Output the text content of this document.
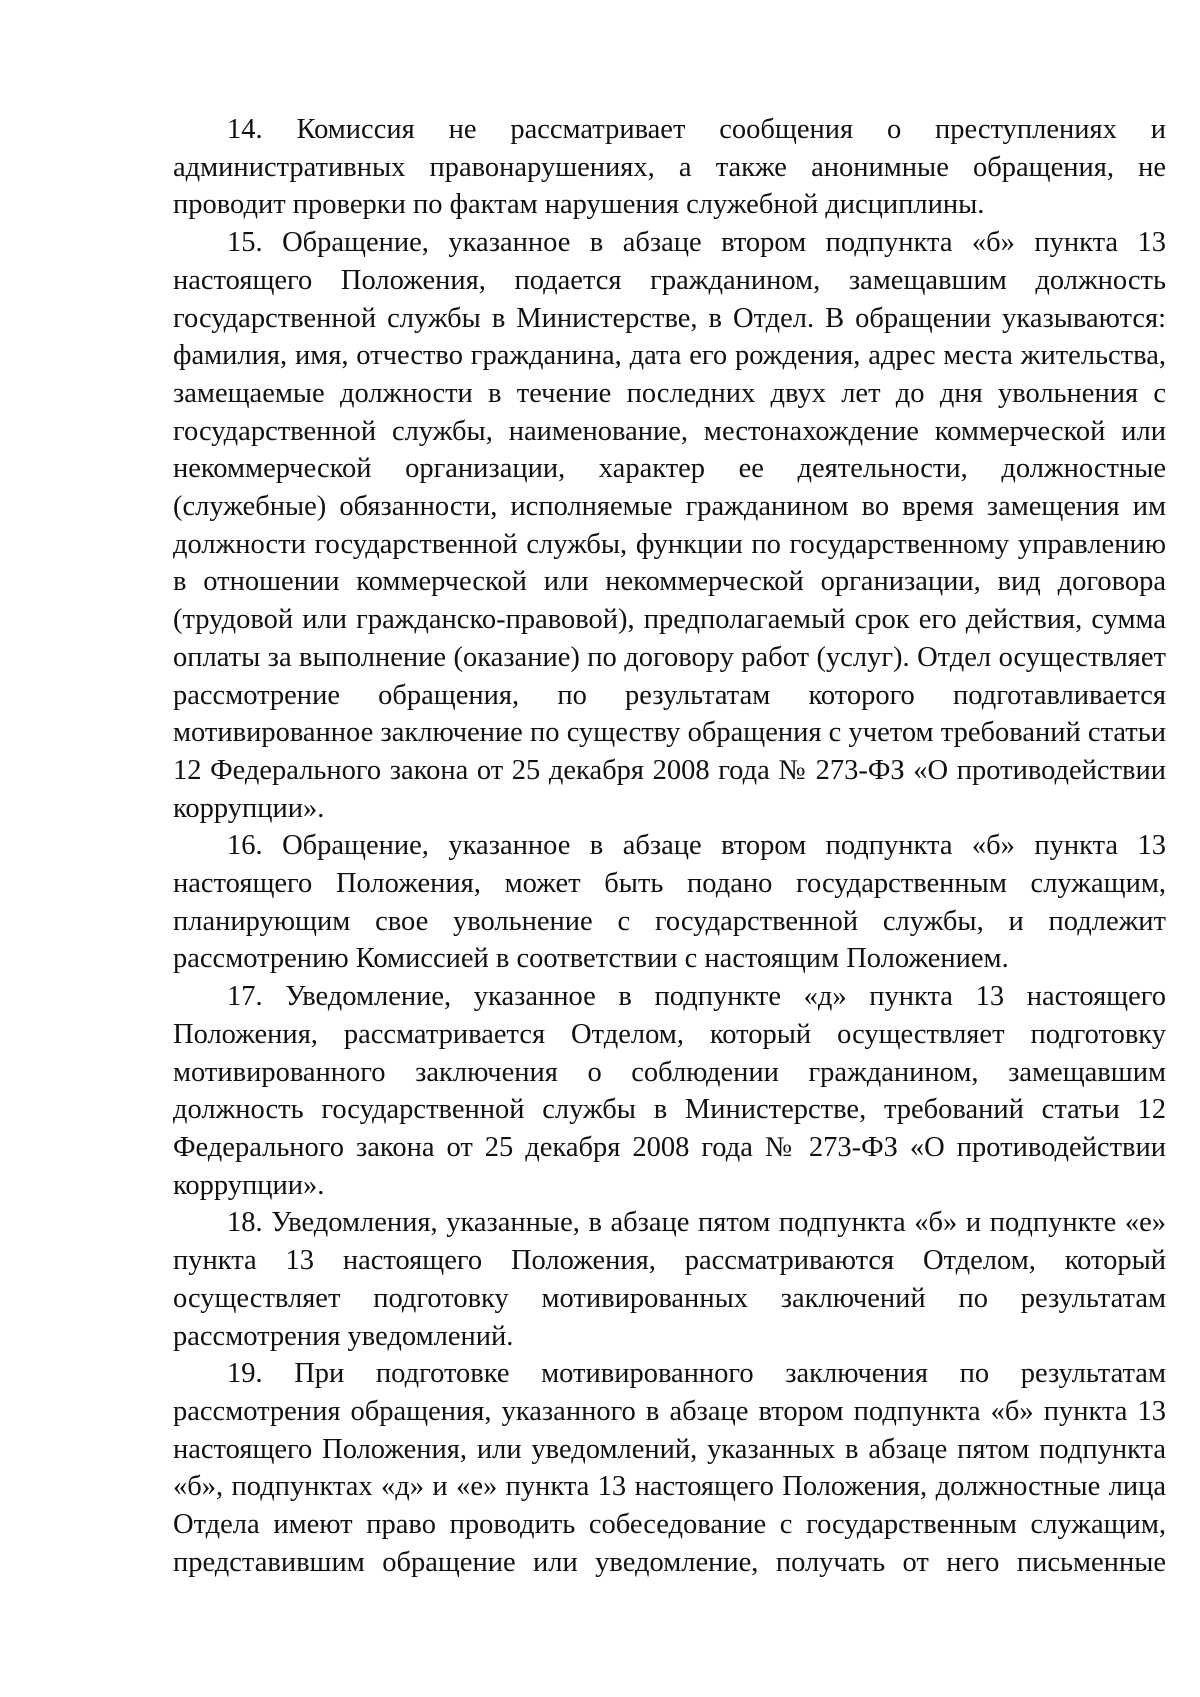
14. Комиссия не рассматривает сообщения о преступлениях и административных правонарушениях, а также анонимные обращения, не проводит проверки по фактам нарушения служебной дисциплины.

15. Обращение, указанное в абзаце втором подпункта «б» пункта 13 настоящего Положения, подается гражданином, замещавшим должность государственной службы в Министерстве, в Отдел. В обращении указываются: фамилия, имя, отчество гражданина, дата его рождения, адрес места жительства, замещаемые должности в течение последних двух лет до дня увольнения с государственной службы, наименование, местонахождение коммерческой или некоммерческой организации, характер ее деятельности, должностные (служебные) обязанности, исполняемые гражданином во время замещения им должности государственной службы, функции по государственному управлению в отношении коммерческой или некоммерческой организации, вид договора (трудовой или гражданско-правовой), предполагаемый срок его действия, сумма оплаты за выполнение (оказание) по договору работ (услуг). Отдел осуществляет рассмотрение обращения, по результатам которого подготавливается мотивированное заключение по существу обращения с учетом требований статьи 12 Федерального закона от 25 декабря 2008 года № 273-ФЗ «О противодействии коррупции».

16. Обращение, указанное в абзаце втором подпункта «б» пункта 13 настоящего Положения, может быть подано государственным служащим, планирующим свое увольнение с государственной службы, и подлежит рассмотрению Комиссией в соответствии с настоящим Положением.

17. Уведомление, указанное в подпункте «д» пункта 13 настоящего Положения, рассматривается Отделом, который осуществляет подготовку мотивированного заключения о соблюдении гражданином, замещавшим должность государственной службы в Министерстве, требований статьи 12 Федерального закона от 25 декабря 2008 года № 273-ФЗ «О противодействии коррупции».

18. Уведомления, указанные, в абзаце пятом подпункта «б» и подпункте «е» пункта 13 настоящего Положения, рассматриваются Отделом, который осуществляет подготовку мотивированных заключений по результатам рассмотрения уведомлений.

19. При подготовке мотивированного заключения по результатам рассмотрения обращения, указанного в абзаце втором подпункта «б» пункта 13 настоящего Положения, или уведомлений, указанных в абзаце пятом подпункта «б», подпунктах «д» и «е» пункта 13 настоящего Положения, должностные лица Отдела имеют право проводить собеседование с государственным служащим, представившим обращение или уведомление, получать от него письменные
